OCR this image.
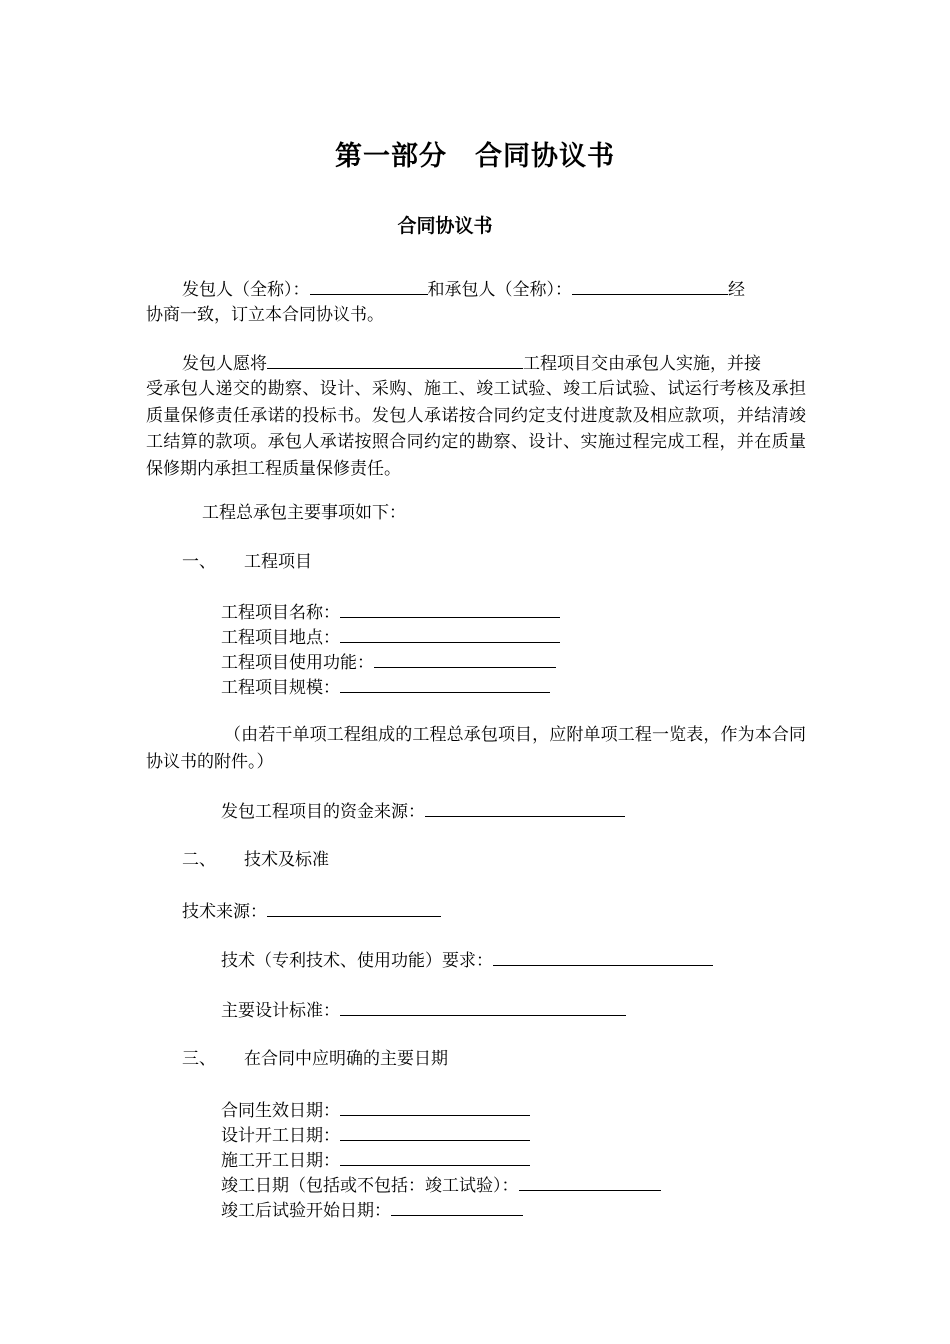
第一部分　合同协议书
合同协议书
发包人（全称）：	和承包人（全称）：	经
协商一致，订立本合同协议书。
发包人愿将	工程项目交由承包人实施，并接
受承包人递交的勘察、设计、采购、施工、竣工试验、竣工后试验、试运行考核及承担质量保修责任承诺的投标书。发包人承诺按合同约定支付进度款及相应款项，并结清竣工结算的款项。承包人承诺按照合同约定的勘察、设计、实施过程完成工程，并在质量保修期内承担工程质量保修责任。
工程总承包主要事项如下：
一、 工程项目
工程项目名称：
工程项目地点：
工程项目使用功能：
工程项目规模：
（由若干单项工程组成的工程总承包项目，应附单项工程一览表，作为本合同协议书的附件。）
发包工程项目的资金来源：
二、 技术及标准
技术来源：
技术（专利技术、使用功能）要求：
主要设计标准：
三、 在合同中应明确的主要日期
合同生效日期：
设计开工日期：
施工开工日期：
竣工日期（包括或不包括：竣工试验）：
竣工后试验开始日期：
